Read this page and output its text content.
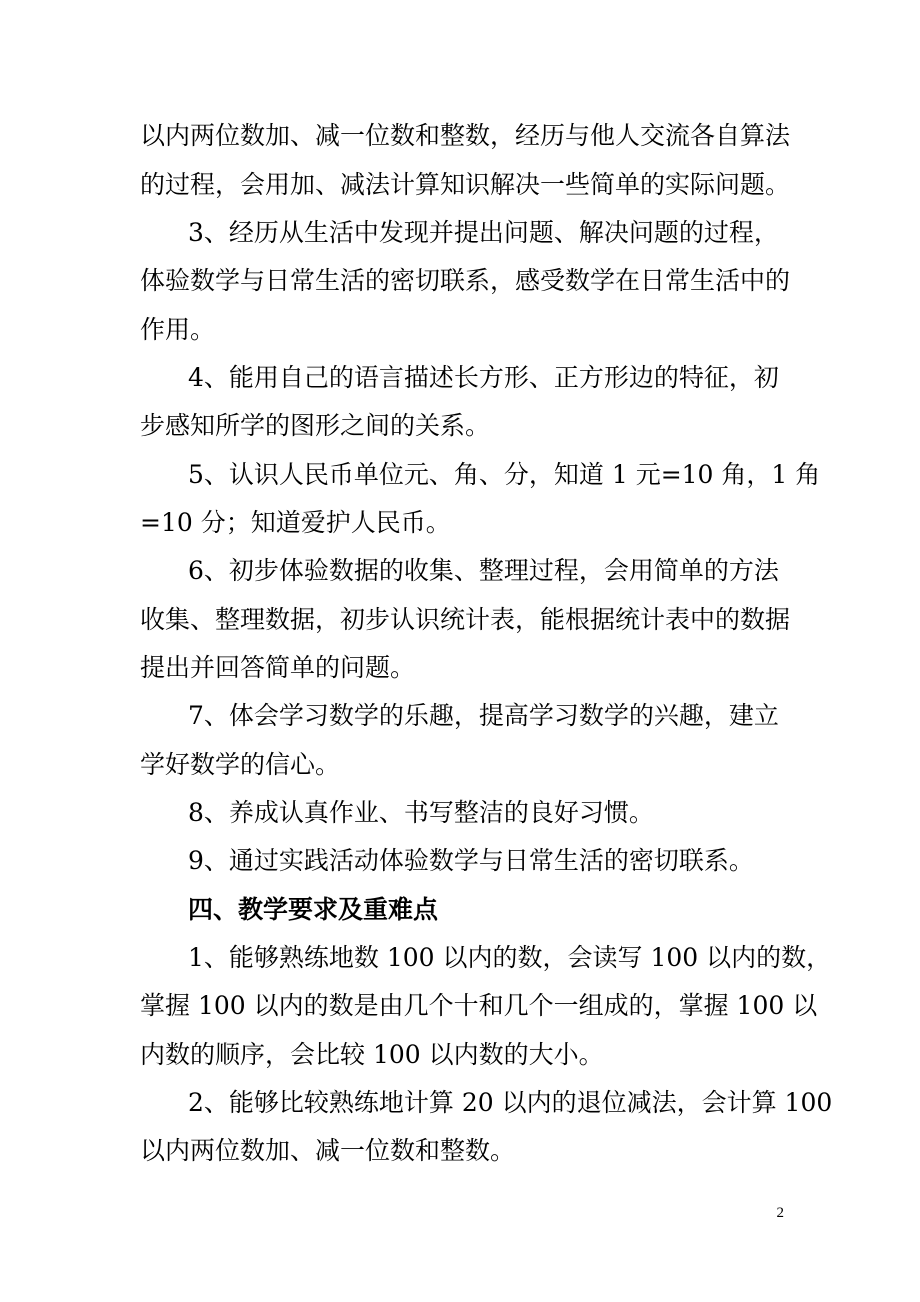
以内两位数加、减一位数和整数，经历与他人交流各自算法
的过程，会用加、减法计算知识解决一些简单的实际问题。
3、经历从生活中发现并提出问题、解决问题的过程，
体验数学与日常生活的密切联系，感受数学在日常生活中的
作用。
4、能用自己的语言描述长方形、正方形边的特征，初
步感知所学的图形之间的关系。
5、认识人民币单位元、角、分，知道 1 元=10 角，1 角
=10 分；知道爱护人民币。
6、初步体验数据的收集、整理过程，会用简单的方法
收集、整理数据，初步认识统计表，能根据统计表中的数据
提出并回答简单的问题。
7、体会学习数学的乐趣，提高学习数学的兴趣，建立
学好数学的信心。
8、养成认真作业、书写整洁的良好习惯。
9、通过实践活动体验数学与日常生活的密切联系。
四、教学要求及重难点
1、能够熟练地数 100 以内的数，会读写 100 以内的数，
掌握 100 以内的数是由几个十和几个一组成的，掌握 100 以
内数的顺序，会比较 100 以内数的大小。
2、能够比较熟练地计算 20 以内的退位减法，会计算 100
以内两位数加、减一位数和整数。
2
